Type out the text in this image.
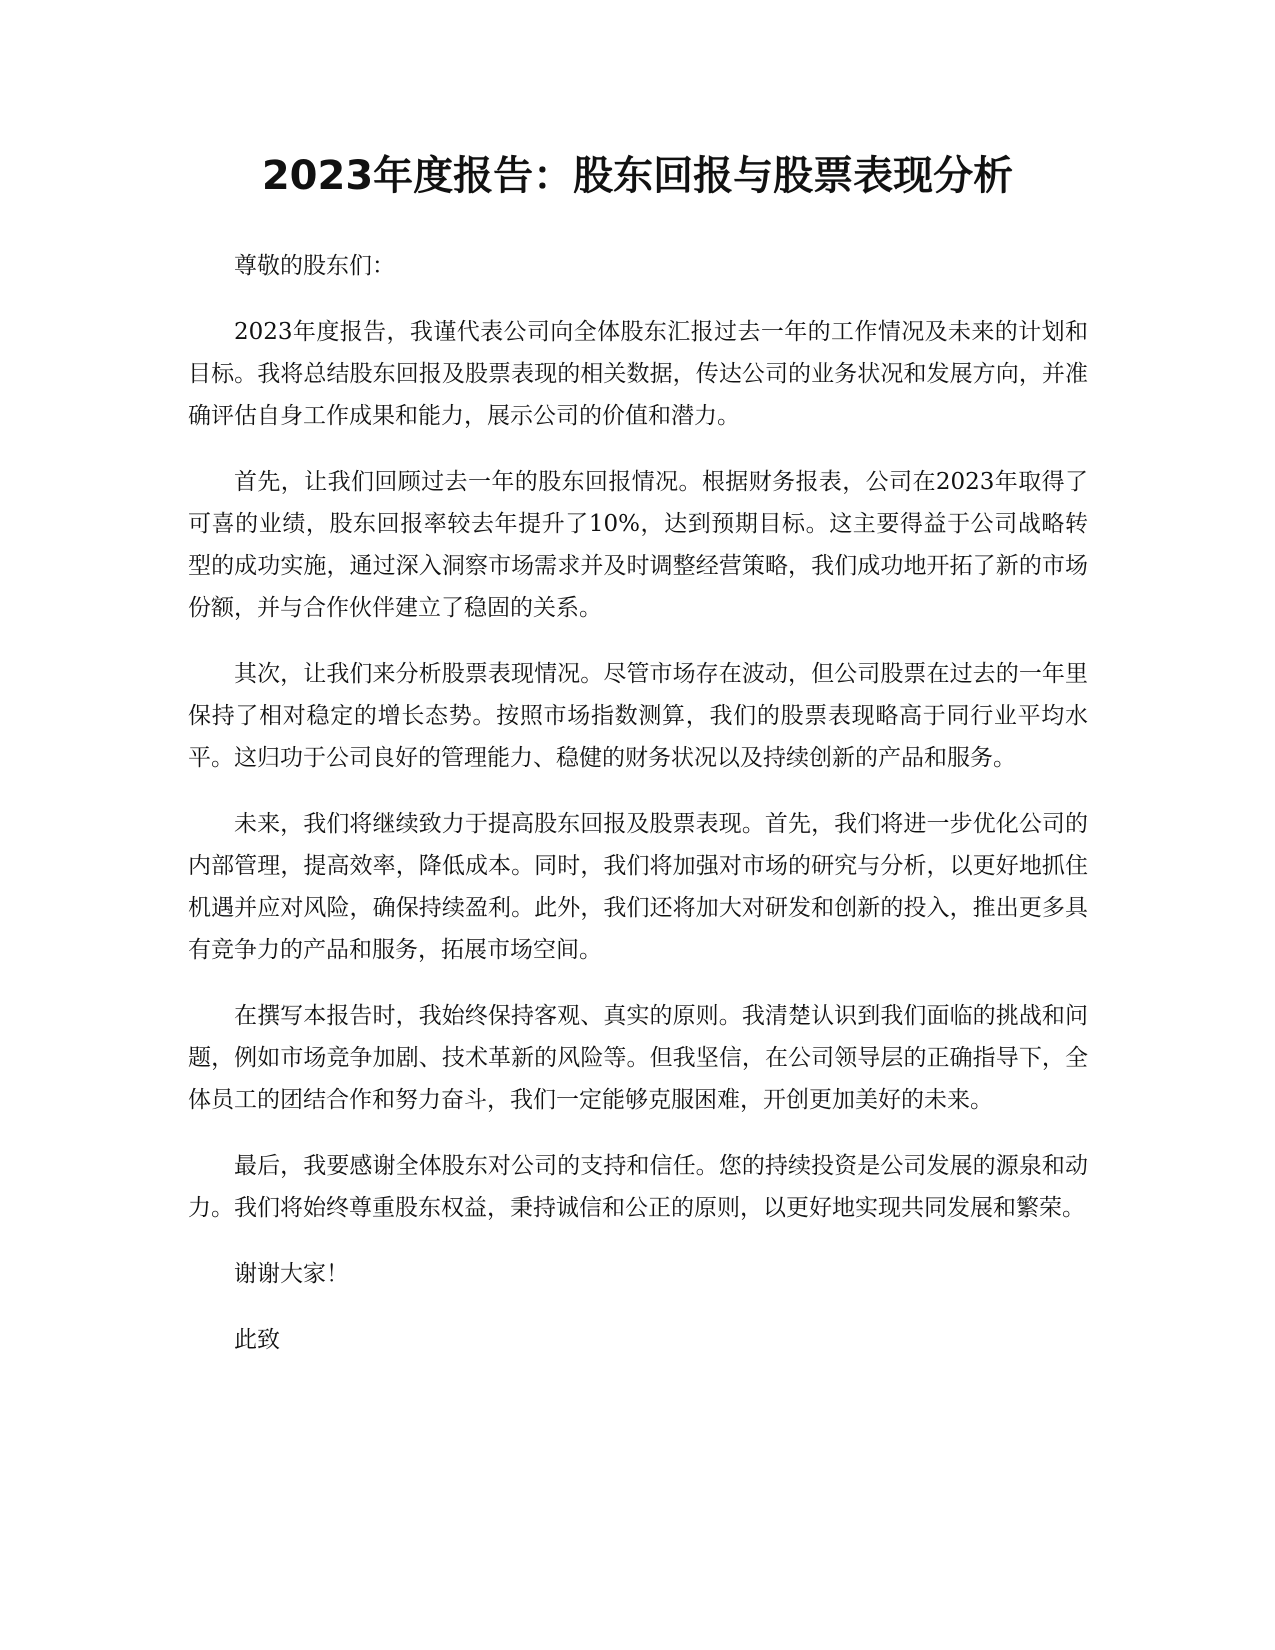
2023年度报告：股东回报与股票表现分析

尊敬的股东们：

2023年度报告，我谨代表公司向全体股东汇报过去一年的工作情况及未来的计划和目标。我将总结股东回报及股票表现的相关数据，传达公司的业务状况和发展方向，并准确评估自身工作成果和能力，展示公司的价值和潜力。

首先，让我们回顾过去一年的股东回报情况。根据财务报表，公司在2023年取得了可喜的业绩，股东回报率较去年提升了10%，达到预期目标。这主要得益于公司战略转型的成功实施，通过深入洞察市场需求并及时调整经营策略，我们成功地开拓了新的市场份额，并与合作伙伴建立了稳固的关系。

其次，让我们来分析股票表现情况。尽管市场存在波动，但公司股票在过去的一年里保持了相对稳定的增长态势。按照市场指数测算，我们的股票表现略高于同行业平均水平。这归功于公司良好的管理能力、稳健的财务状况以及持续创新的产品和服务。

未来，我们将继续致力于提高股东回报及股票表现。首先，我们将进一步优化公司的内部管理，提高效率，降低成本。同时，我们将加强对市场的研究与分析，以更好地抓住机遇并应对风险，确保持续盈利。此外，我们还将加大对研发和创新的投入，推出更多具有竞争力的产品和服务，拓展市场空间。

在撰写本报告时，我始终保持客观、真实的原则。我清楚认识到我们面临的挑战和问题，例如市场竞争加剧、技术革新的风险等。但我坚信，在公司领导层的正确指导下，全体员工的团结合作和努力奋斗，我们一定能够克服困难，开创更加美好的未来。

最后，我要感谢全体股东对公司的支持和信任。您的持续投资是公司发展的源泉和动力。我们将始终尊重股东权益，秉持诚信和公正的原则，以更好地实现共同发展和繁荣。

谢谢大家！

此致
